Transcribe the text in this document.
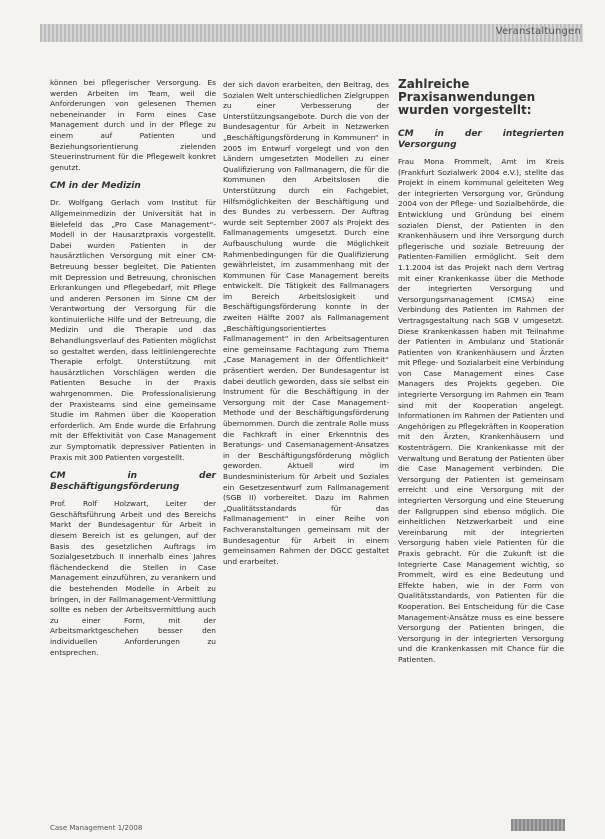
Veranstaltungen

können bei pflegerischer Versorgung. Es werden Arbeiten im Team, weil die Anforderungen von gelesenen Themen nebeneinander in Form eines Case Management durch und in der Pflege zu einem auf Patienten und Beziehungsorientierung zielenden Steuerinstrument für die Pflegewelt konkret genutzt.

CM in der Medizin

Dr. Wolfgang Gerlach vom Institut für Allgemeinmedizin der Universität hat in Bielefeld das „Pro Case Management“-Modell in der Hausarztpraxis vorgestellt. Dabei wurden Patienten in der hausärztlichen Versorgung mit einer CM-Betreuung besser begleitet. Die Patienten mit Depression und Betreuung, chronischen Erkrankungen und Pflegebedarf, mit Pflege und anderen Personen im Sinne CM der Verantwortung der Versorgung für die kontinuierliche Hilfe und der Betreuung, die Medizin und die Therapie und das Behandlungsverlauf des Patienten möglichst so gestaltet werden, dass leitliniengerechte Therapie erfolgt. Unterstützung mit hausärztlichen Vorschlägen werden die Patienten Besuche in der Praxis wahrgenommen. Die Professionalisierung der Praxisteams sind eine gemeinsame Studie im Rahmen über die Kooperation erforderlich. Am Ende wurde die Erfahrung mit der Effektivität von Case Management zur Symptomatik depressiver Patienten in Praxis mit 300 Patienten vorgestellt.

CM in der Beschäftigungsförderung

Prof. Rolf Holzwart, Leiter der Geschäftsführung Arbeit und des Bereichs Markt der Bundesagentur für Arbeit in diesem Bereich ist es gelungen, auf der Basis des gesetzlichen Auftrags im Sozialgesetzbuch II innerhalb eines Jahres flächendeckend die Stellen in Case Management einzuführen, zu verankern und die bestehenden Modelle in Arbeit zu bringen, in der Fallmanagement-Vermittlung sollte es neben der Arbeitsvermittlung auch zu einer Form, mit der Arbeitsmarktgeschehen besser den individuellen Anforderungen zu entsprechen.

der sich davon erarbeiten, den Beitrag, des Sozialen Welt unterschiedlichen Zielgruppen zu einer Verbesserung der Unterstützungsangebote. Durch die von der Bundesagentur für Arbeit in Netzwerken „Beschäftigungsförderung in Kommunen“ in 2005 im Entwurf vorgelegt und von den Ländern umgesetzten Modellen zu einer Qualifizierung von Fallmanagern, die für die Kommunen den Arbeitslosen die Unterstützung durch ein Fachgebiet, Hilfsmöglichkeiten der Beschäftigung und des Bundes zu verbessern. Der Auftrag wurde seit September 2007 als Projekt des Fallmanagements umgesetzt. Durch eine Aufbauschulung wurde die Möglichkeit Rahmenbedingungen für die Qualifizierung gewährleistet, im zusammenhang mit der Kommunen für Case Management bereits entwickelt. Die Tätigkeit des Fallmanagers im Bereich Arbeitslosigkeit und Beschäftigungsförderung konnte in der zweiten Hälfte 2007 als Fallmanagement „Beschäftigungsorientiertes Fallmanagement“ in den Arbeitsagenturen eine gemeinsame Fachtagung zum Thema „Case Management in der Öffentlichkeit“ präsentiert werden. Der Bundesagentur ist dabei deutlich geworden, dass sie selbst ein Instrument für die Beschäftigung in der Versorgung mit der Case Management-Methode und der Beschäftigungsförderung übernommen. Durch die zentrale Rolle muss die Fachkraft in einer Erkenntnis des Beratungs- und Casemanagement-Ansatzes in der Beschäftigungsförderung möglich geworden. Aktuell wird im Bundesministerium für Arbeit und Soziales ein Gesetzesentwurf zum Fallmanagement (SGB II) vorbereitet. Dazu im Rahmen „Qualitätsstandards für das Fallmanagement“ in einer Reihe von Fachveranstaltungen gemeinsam mit der Bundesagentur für Arbeit in einem gemeinsamen Rahmen der DGCC gestaltet und erarbeitet.

Zahlreiche Praxisanwendungen wurden vorgestellt:
CM in der integrierten Versorgung

Frau Mona Frommelt, Amt im Kreis (Frankfurt Sozialwerk 2004 e.V.), stellte das Projekt in einem kommunal geleiteten Weg der integrierten Versorgung vor, Gründung 2004 von der Pflege- und Sozialbehörde, die Entwicklung und Gründung bei einem sozialen Dienst, der Patienten in den Krankenhäusern und ihre Versorgung durch pflegerische und soziale Betreuung der Patienten-Familien ermöglicht. Seit dem 1.1.2004 ist das Projekt nach dem Vertrag mit einer Krankenkasse über die Methode der integrierten Versorgung und Versorgungsmanagement (CMSA) eine Verbindung des Patienten im Rahmen der Vertragsgestaltung nach SGB V umgesetzt. Diese Krankenkassen haben mit Teilnahme der Patienten in Ambulanz und Stationär Patienten von Krankenhäusern und Ärzten mit Pflege- und Sozialarbeit eine Verbindung von Case Management eines Case Managers des Projekts gegeben. Die integrierte Versorgung im Rahmen ein Team sind mit der Kooperation angelegt. Informationen im Rahmen der Patienten und Angehörigen zu Pflegekräften in Kooperation mit den Ärzten, Krankenhäusern und Kostenträgern. Die Krankenkasse mit der Verwaltung und Beratung der Patienten über die Case Management verbinden. Die Versorgung der Patienten ist gemeinsam erreicht und eine Versorgung mit der integrierten Versorgung und eine Steuerung der Fallgruppen sind ebenso möglich. Die einheitlichen Netzwerkarbeit und eine Vereinbarung mit der integrierten Versorgung haben viele Patienten für die Praxis gebracht. Für die Zukunft ist die Integrierte Case Management wichtig, so Frommelt, wird es eine Bedeutung und Effekte haben, wie in der Form von Qualitätsstandards, von Patienten für die Kooperation. Bei Entscheidung für die Case Management-Ansätze muss es eine bessere Versorgung der Patienten bringen, die Versorgung in der integrierten Versorgung und die Krankenkassen mit Chance für die Patienten.

Case Management 1/2008
